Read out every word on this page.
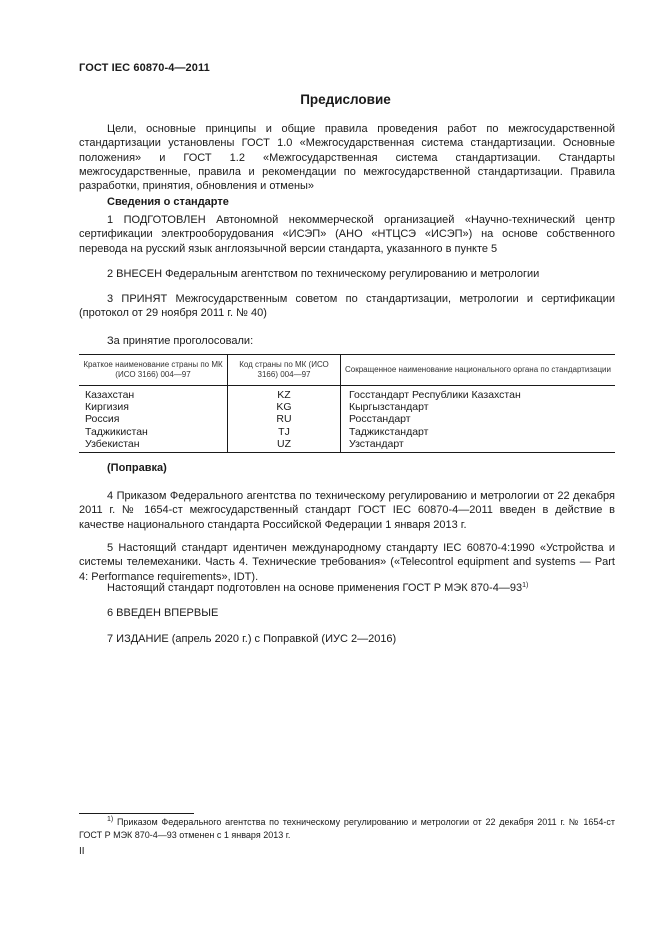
ГОСТ IEC 60870-4—2011
Предисловие
Цели, основные принципы и общие правила проведения работ по межгосударственной стандартизации установлены ГОСТ 1.0 «Межгосударственная система стандартизации. Основные положения» и ГОСТ 1.2 «Межгосударственная система стандартизации. Стандарты межгосударственные, правила и рекомендации по межгосударственной стандартизации. Правила разработки, принятия, обновления и отмены»
Сведения о стандарте
1 ПОДГОТОВЛЕН Автономной некоммерческой организацией «Научно-технический центр сертификации электрооборудования «ИСЭП» (АНО «НТЦСЭ «ИСЭП») на основе собственного перевода на русский язык англоязычной версии стандарта, указанного в пункте 5
2 ВНЕСЕН Федеральным агентством по техническому регулированию и метрологии
3 ПРИНЯТ Межгосударственным советом по стандартизации, метрологии и сертификации (протокол от 29 ноября 2011 г. № 40)
За принятие проголосовали:
Краткое наименование страны по МК (ИСО 3166) 004—97	Код страны по МК (ИСО 3166) 004—97	Сокращенное наименование национального органа по стандартизации
Казахстан	KZ	Госстандарт Республики Казахстан
Киргизия	KG	Кыргызстандарт
Россия	RU	Росстандарт
Таджикистан	TJ	Таджикстандарт
Узбекистан	UZ	Узстандарт
(Поправка)
4 Приказом Федерального агентства по техническому регулированию и метрологии от 22 декабря 2011 г. № 1654-ст межгосударственный стандарт ГОСТ IEC 60870-4—2011 введен в действие в качестве национального стандарта Российской Федерации 1 января 2013 г.
5 Настоящий стандарт идентичен международному стандарту IEC 60870-4:1990 «Устройства и системы телемеханики. Часть 4. Технические требования» («Telecontrol equipment and systems — Part 4: Performance requirements», IDT).
Настоящий стандарт подготовлен на основе применения ГОСТ Р МЭК 870-4—93$^{1)}$
6 ВВЕДЕН ВПЕРВЫЕ
7 ИЗДАНИЕ (апрель 2020 г.) с Поправкой (ИУС 2—2016)
$^{1)}$ Приказом Федерального агентства по техническому регулированию и метрологии от 22 декабря 2011 г. № 1654-ст ГОСТ Р МЭК 870-4—93 отменен с 1 января 2013 г.
II
